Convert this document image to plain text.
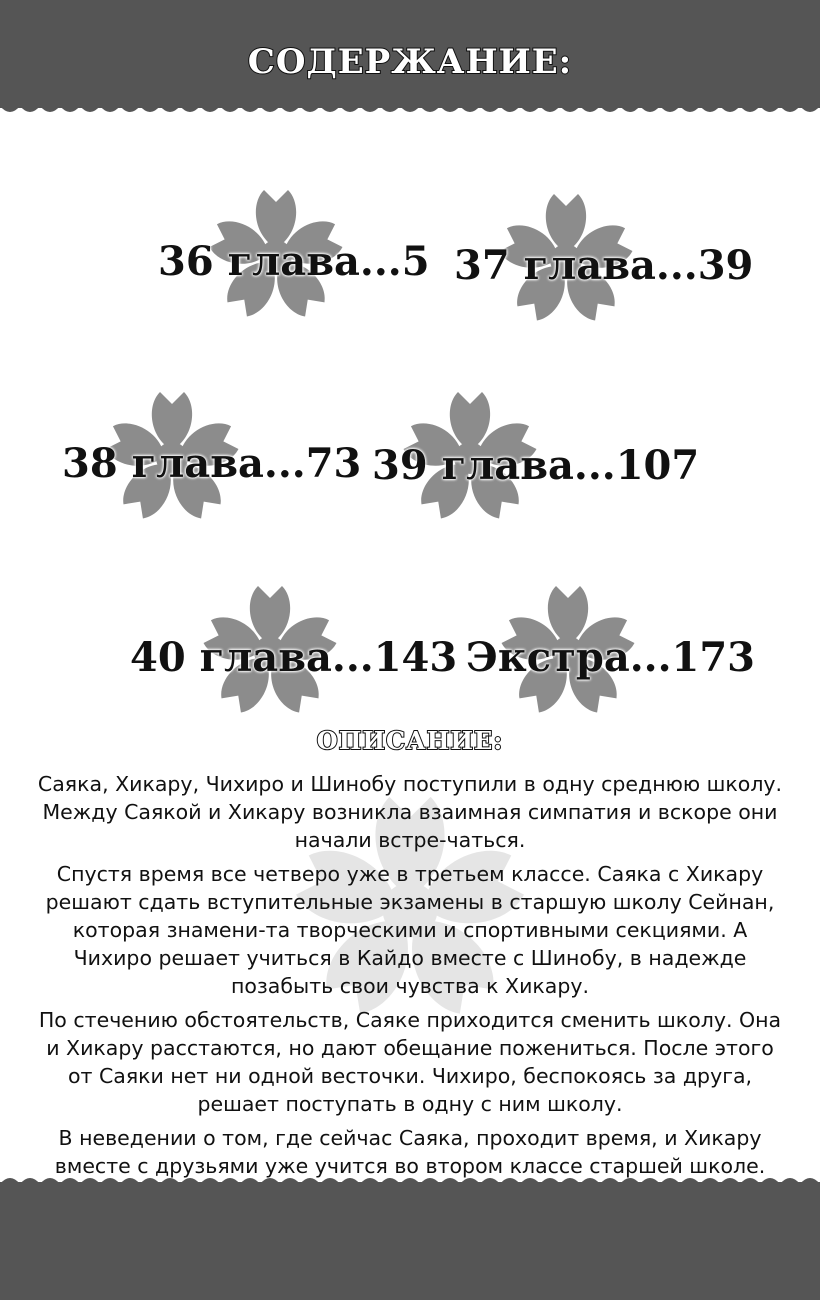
СОДЕРЖАНИЕ:
36 глава...5 37 глава...39
38 глава...73 39 глава...107
40 глава...143 Экстра...173
ОПИСАНИЕ:

Саяка, Хикару, Чихиро и Шинобу поступили в одну среднюю школу. Между Саякой и Хикару возникла взаимная симпатия и вскоре они начали встре-чаться.

Спустя время все четверо уже в третьем классе. Саяка с Хикару решают сдать вступительные экзамены в старшую школу Сейнан, которая знамени-та творческими и спортивными секциями. А Чихиро решает учиться в Кайдо вместе с Шинобу, в надежде позабыть свои чувства к Хикару.

По стечению обстоятельств, Саяке приходится сменить школу. Она и Хикару расстаются, но дают обещание пожениться. После этого от Саяки нет ни одной весточки. Чихиро, беспокоясь за друга, решает поступать в одну с ним школу.

В неведении о том, где сейчас Саяка, проходит время, и Хикару вместе с друзьями уже учится во втором классе старшей школе.
